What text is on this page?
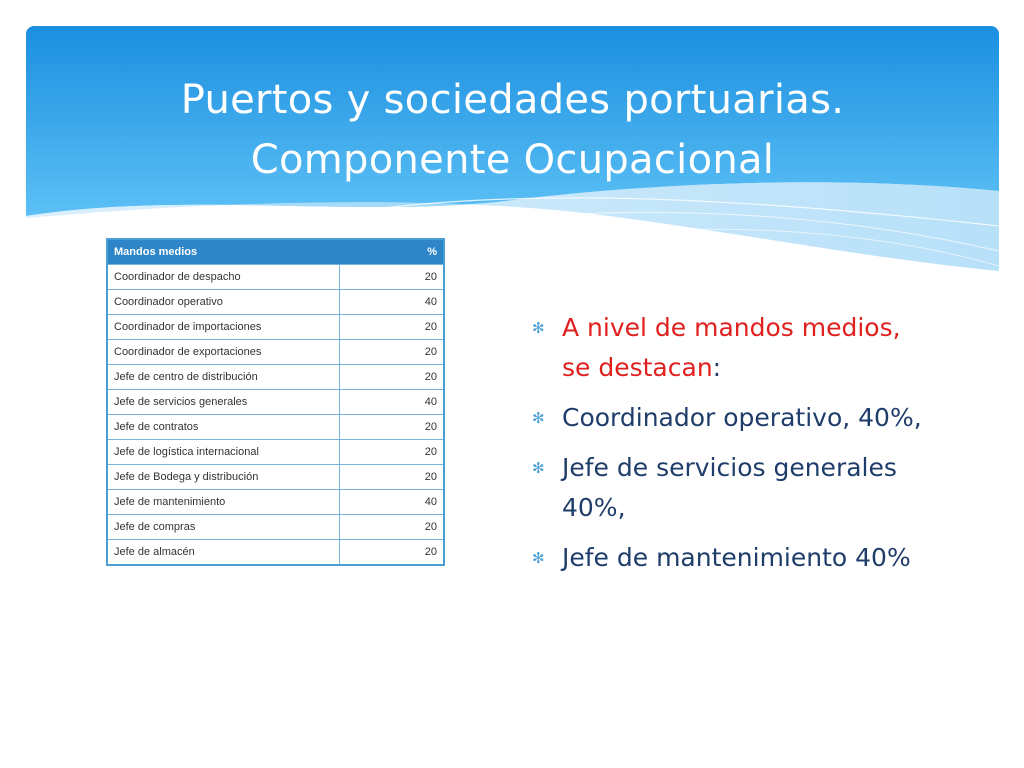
Puertos y sociedades portuarias.
Componente Ocupacional
Mandos medios	%
Coordinador de despacho	20
Coordinador operativo	40
Coordinador de importaciones	20
Coordinador de exportaciones	20
Jefe de centro de distribución	20
Jefe de servicios generales	40
Jefe de contratos	20
Jefe de logística internacional	20
Jefe de Bodega y distribución	20
Jefe de mantenimiento	40
Jefe de compras	20
Jefe de almacén	20
✻ A nivel de mandos medios, se destacan:
✻ Coordinador operativo, 40%,
✻ Jefe de servicios generales 40%,
✻ Jefe de mantenimiento 40%
